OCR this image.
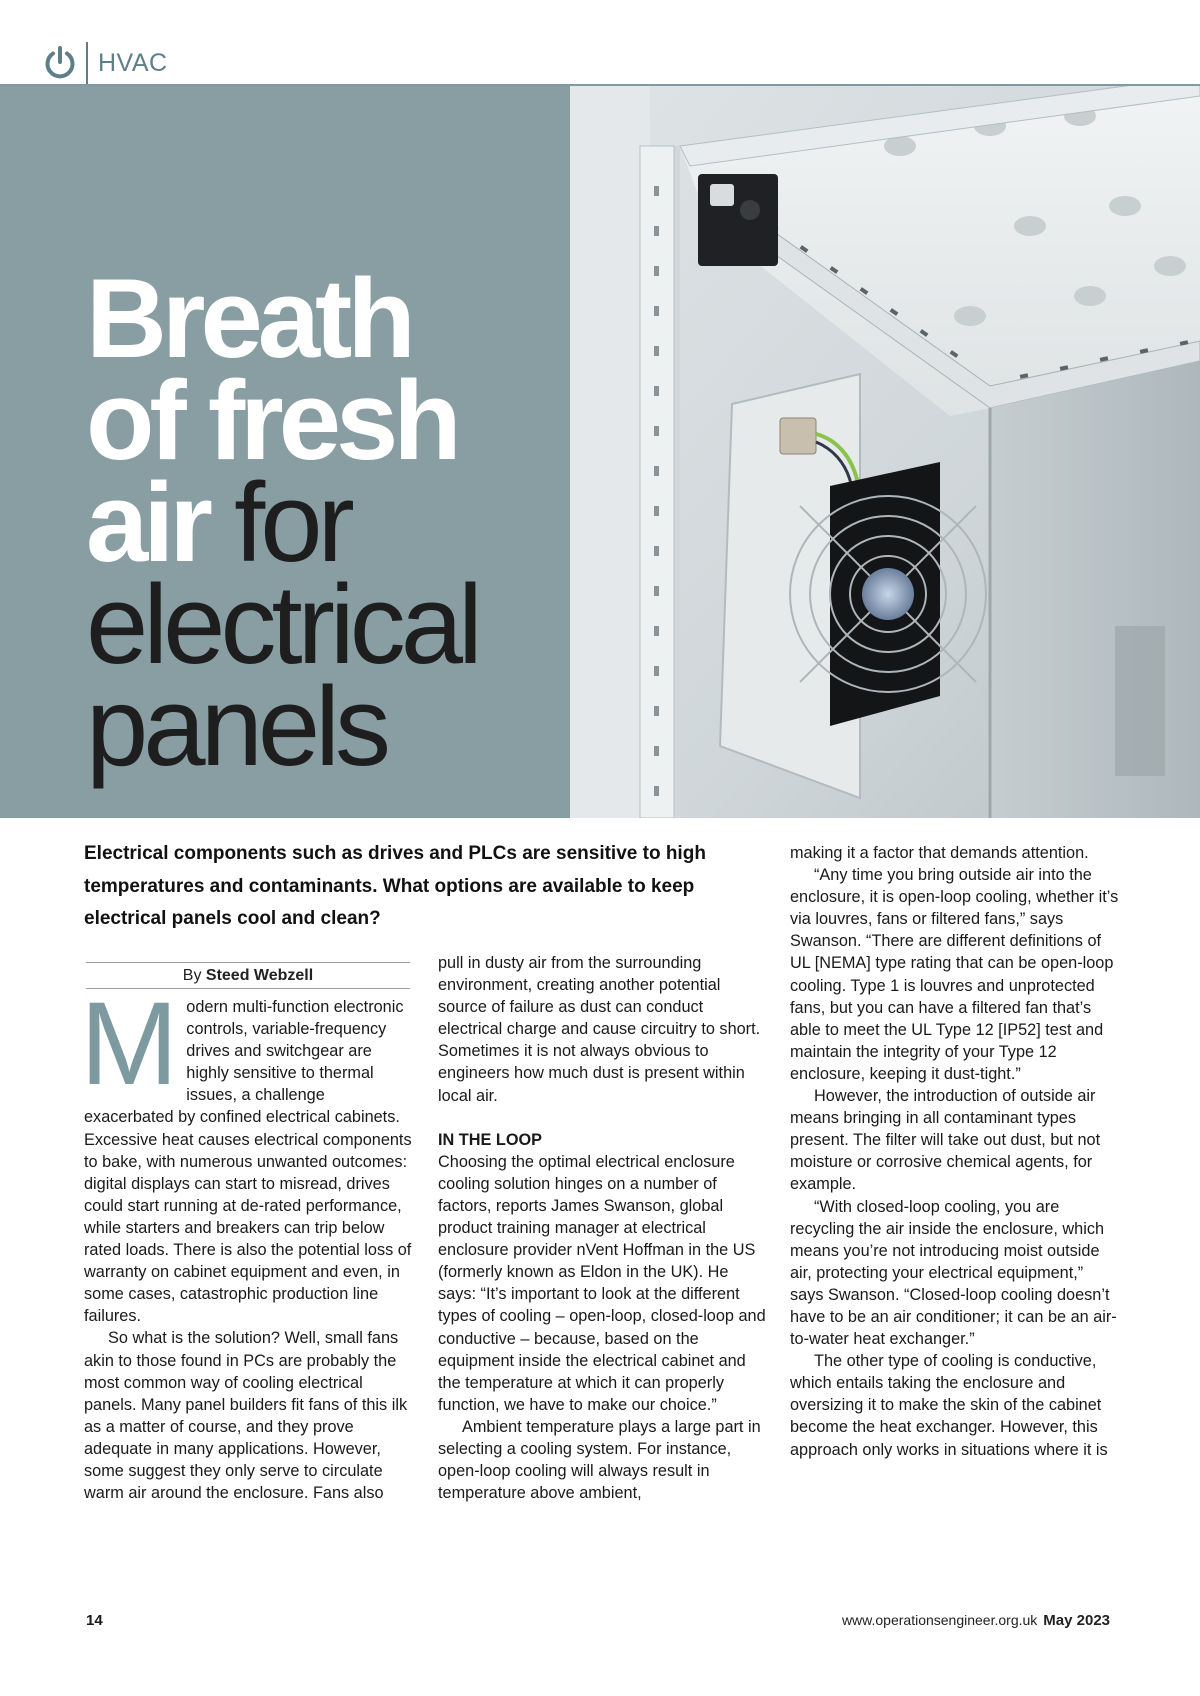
HVAC
Breath
of fresh
air for
electrical
panels

Electrical components such as drives and PLCs are sensitive to high temperatures and contaminants. What options are available to keep electrical panels cool and clean?

By Steed Webzell

Modern multi-function electronic controls, variable-frequency drives and switchgear are highly sensitive to thermal issues, a challenge exacerbated by confined electrical cabinets. Excessive heat causes electrical components to bake, with numerous unwanted outcomes: digital displays can start to misread, drives could start running at de-rated performance, while starters and breakers can trip below rated loads. There is also the potential loss of warranty on cabinet equipment and even, in some cases, catastrophic production line failures.

So what is the solution? Well, small fans akin to those found in PCs are probably the most common way of cooling electrical panels. Many panel builders fit fans of this ilk as a matter of course, and they prove adequate in many applications. However, some suggest they only serve to circulate warm air around the enclosure. Fans also

pull in dusty air from the surrounding environment, creating another potential source of failure as dust can conduct electrical charge and cause circuitry to short. Sometimes it is not always obvious to engineers how much dust is present within local air.

IN THE LOOP

Choosing the optimal electrical enclosure cooling solution hinges on a number of factors, reports James Swanson, global product training manager at electrical enclosure provider nVent Hoffman in the US (formerly known as Eldon in the UK). He says: “It’s important to look at the different types of cooling – open-loop, closed-loop and conductive – because, based on the equipment inside the electrical cabinet and the temperature at which it can properly function, we have to make our choice.”

Ambient temperature plays a large part in selecting a cooling system. For instance, open-loop cooling will always result in temperature above ambient,

making it a factor that demands attention.

“Any time you bring outside air into the enclosure, it is open-loop cooling, whether it’s via louvres, fans or filtered fans,” says Swanson. “There are different definitions of UL [NEMA] type rating that can be open-loop cooling. Type 1 is louvres and unprotected fans, but you can have a filtered fan that’s able to meet the UL Type 12 [IP52] test and maintain the integrity of your Type 12 enclosure, keeping it dust-tight.”

However, the introduction of outside air means bringing in all contaminant types present. The filter will take out dust, but not moisture or corrosive chemical agents, for example.

“With closed-loop cooling, you are recycling the air inside the enclosure, which means you’re not introducing moist outside air, protecting your electrical equipment,” says Swanson. “Closed-loop cooling doesn’t have to be an air conditioner; it can be an air-to-water heat exchanger.”

The other type of cooling is conductive, which entails taking the enclosure and oversizing it to make the skin of the cabinet become the heat exchanger. However, this approach only works in situations where it is

14	www.operationsengineer.org.uk May 2023
